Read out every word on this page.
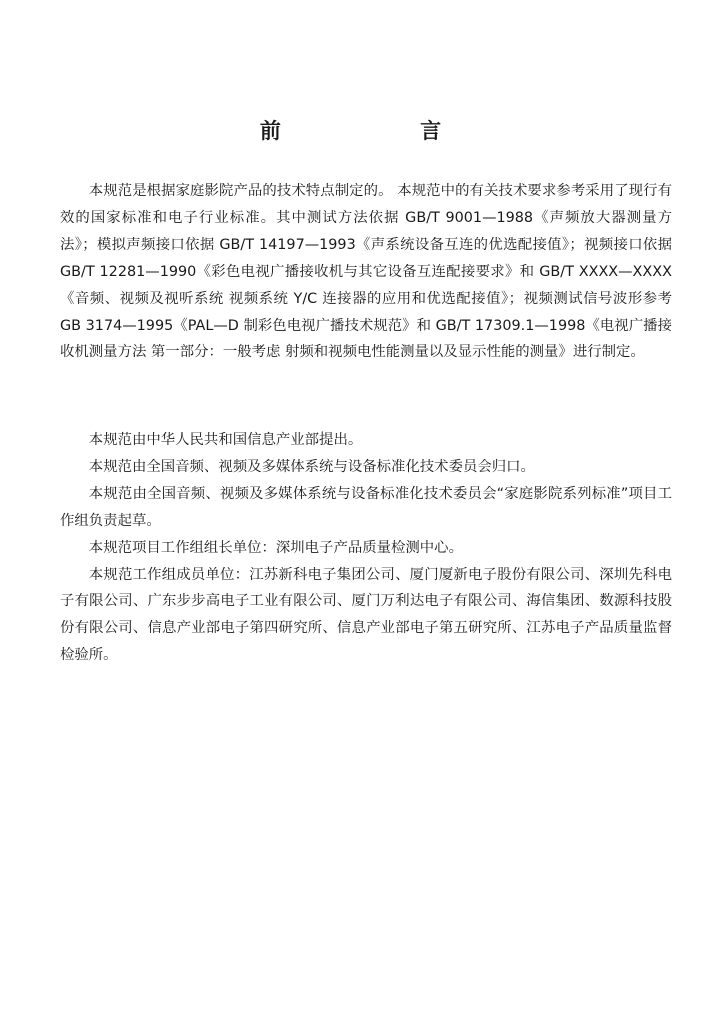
前 言

本规范是根据家庭影院产品的技术特点制定的。 本规范中的有关技术要求参考采用了现行有效的国家标准和电子行业标准。其中测试方法依据 GB/T 9001—1988《声频放大器测量方法》；模拟声频接口依据 GB/T 14197—1993《声系统设备互连的优选配接值》；视频接口依据 GB/T 12281—1990《彩色电视广播接收机与其它设备互连配接要求》和 GB/T XXXX—XXXX《音频、视频及视听系统 视频系统 Y/C 连接器的应用和优选配接值》；视频测试信号波形参考 GB 3174—1995《PAL—D 制彩色电视广播技术规范》和 GB/T 17309.1—1998《电视广播接收机测量方法 第一部分：一般考虑 射频和视频电性能测量以及显示性能的测量》进行制定。

本规范由中华人民共和国信息产业部提出。

本规范由全国音频、视频及多媒体系统与设备标准化技术委员会归口。

本规范由全国音频、视频及多媒体系统与设备标准化技术委员会“家庭影院系列标准”项目工作组负责起草。

本规范项目工作组组长单位：深圳电子产品质量检测中心。

本规范工作组成员单位：江苏新科电子集团公司、厦门厦新电子股份有限公司、深圳先科电子有限公司、广东步步高电子工业有限公司、厦门万利达电子有限公司、海信集团、数源科技股份有限公司、信息产业部电子第四研究所、信息产业部电子第五研究所、江苏电子产品质量监督检验所。
